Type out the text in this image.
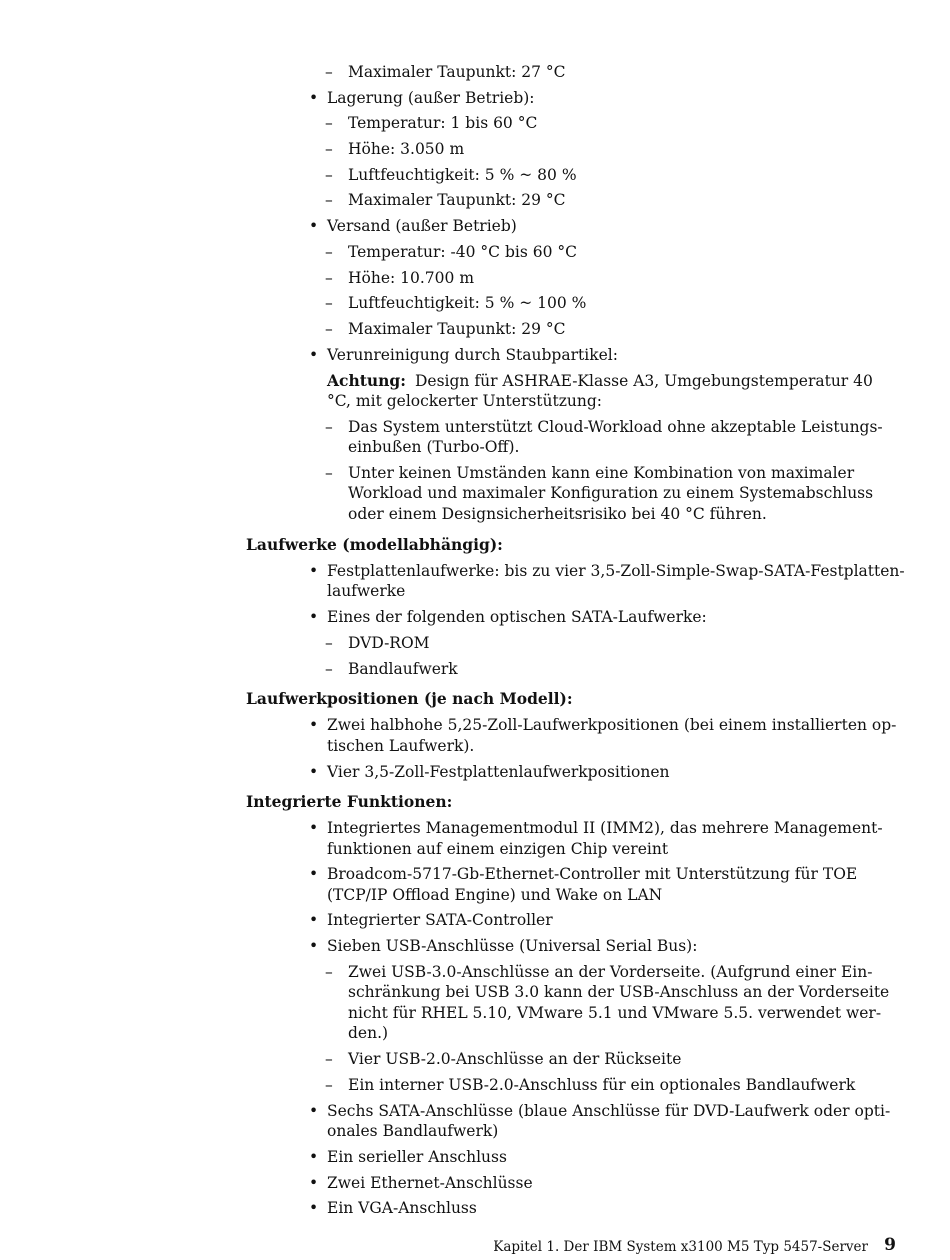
– Maximaler Taupunkt: 27 °C
• Lagerung (außer Betrieb):
– Temperatur: 1 bis 60 °C
– Höhe: 3.050 m
– Luftfeuchtigkeit: 5 % ~ 80 %
– Maximaler Taupunkt: 29 °C
• Versand (außer Betrieb)
– Temperatur: -40 °C bis 60 °C
– Höhe: 10.700 m
– Luftfeuchtigkeit: 5 % ~ 100 %
– Maximaler Taupunkt: 29 °C
• Verunreinigung durch Staubpartikel:
Achtung: Design für ASHRAE-Klasse A3, Umgebungstemperatur 40
°C, mit gelockerter Unterstützung:
– Das System unterstützt Cloud-Workload ohne akzeptable Leistungs-
einbußen (Turbo-Off).
– Unter keinen Umständen kann eine Kombination von maximaler
Workload und maximaler Konfiguration zu einem Systemabschluss
oder einem Designsicherheitsrisiko bei 40 °C führen.
Laufwerke (modellabhängig):
• Festplattenlaufwerke: bis zu vier 3,5-Zoll-Simple-Swap-SATA-Festplatten-
laufwerke
• Eines der folgenden optischen SATA-Laufwerke:
– DVD-ROM
– Bandlaufwerk
Laufwerkpositionen (je nach Modell):
• Zwei halbhohe 5,25-Zoll-Laufwerkpositionen (bei einem installierten op-
tischen Laufwerk).
• Vier 3,5-Zoll-Festplattenlaufwerkpositionen
Integrierte Funktionen:
• Integriertes Managementmodul II (IMM2), das mehrere Management-
funktionen auf einem einzigen Chip vereint
• Broadcom-5717-Gb-Ethernet-Controller mit Unterstützung für TOE
(TCP/IP Offload Engine) und Wake on LAN
• Integrierter SATA-Controller
• Sieben USB-Anschlüsse (Universal Serial Bus):
– Zwei USB-3.0-Anschlüsse an der Vorderseite. (Aufgrund einer Ein-
schränkung bei USB 3.0 kann der USB-Anschluss an der Vorderseite
nicht für RHEL 5.10, VMware 5.1 und VMware 5.5. verwendet wer-
den.)
– Vier USB-2.0-Anschlüsse an der Rückseite
– Ein interner USB-2.0-Anschluss für ein optionales Bandlaufwerk
• Sechs SATA-Anschlüsse (blaue Anschlüsse für DVD-Laufwerk oder opti-
onales Bandlaufwerk)
• Ein serieller Anschluss
• Zwei Ethernet-Anschlüsse
• Ein VGA-Anschluss
Kapitel 1. Der IBM System x3100 M5 Typ 5457-Server 9
